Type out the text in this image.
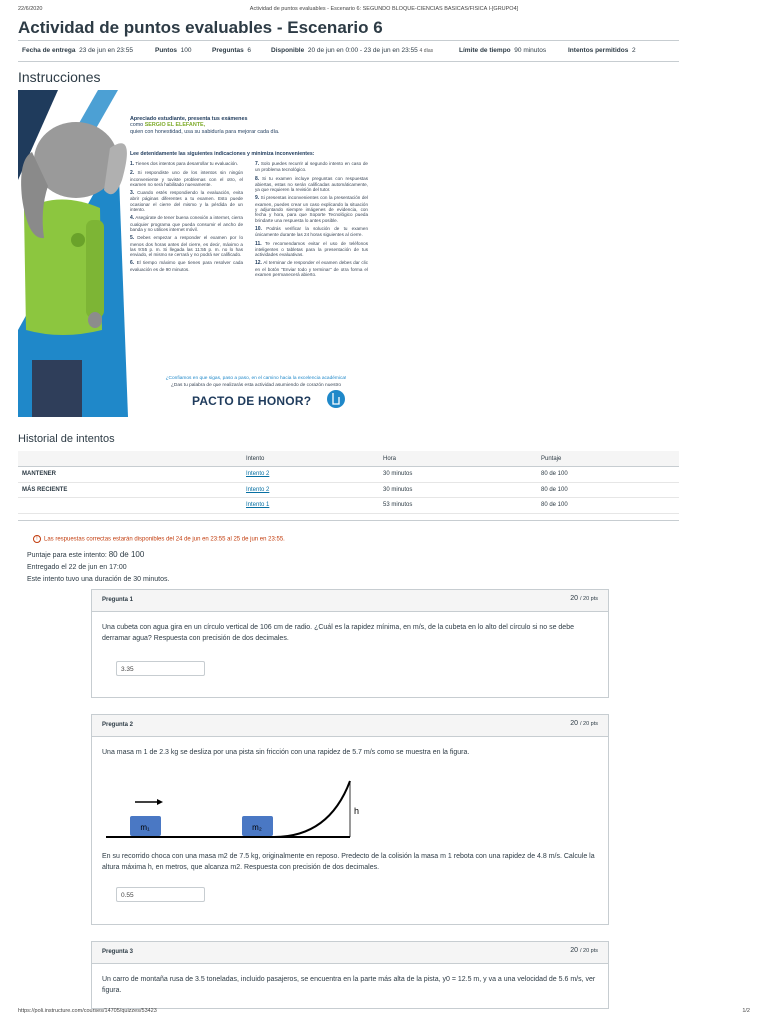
22/6/2020	Actividad de puntos evaluables - Escenario 6: SEGUNDO BLOQUE-CIENCIAS BASICAS/FISICA I-[GRUPO4]
Actividad de puntos evaluables - Escenario 6
Fecha de entrega 23 de jun en 23:55	Puntos 100	Preguntas 6	Disponible 20 de jun en 0:00 - 23 de jun en 23:55 4 días	Límite de tiempo 90 minutos	Intentos permitidos 2
Instrucciones
Apreciado estudiante, presenta tus exámenes
como SERGIO EL ELEFANTE,
quien con honestidad, usa su sabiduría para mejorar cada día.
Lee detenidamente las siguientes indicaciones y minimiza inconvenientes:

1. Tienes dos intentos para desarrollar tu evaluación.

2. Si respondiste uno de los intentos sin ningún inconveniente y tuviste problemas con el otro, el examen no será habilitado nuevamente.

3. Cuando estés respondiendo la evaluación, evita abrir páginas diferentes a tu examen. Esto puede ocasionar el cierre del mismo y la pérdida de un intento.

4. Asegúrate de tener buena conexión a internet, cierra cualquier programa que pueda consumir el ancho de banda y no utilices internet móvil.

5. Debes empezar a responder el examen por lo menos dos horas antes del cierre, es decir, máximo a las 9:55 p. m. Si llegada las 11:55 p. m. no lo has enviado, el mismo se cerrará y no podrá ser calificado.

6. El tiempo máximo que tienes para resolver cada evaluación es de 90 minutos.

7. Solo puedes recurrir al segundo intento en caso de un problema tecnológico.

8. Si tu examen incluye preguntas con respuestas abiertas, estas no serán calificadas automáticamente, ya que requieren la revisión del tutor.

9. Si presentas inconvenientes con la presentación del examen, puedes crear un caso explicando la situación y adjuntando siempre imágenes de evidencia, con fecha y hora, para que Soporte Tecnológico pueda brindarte una respuesta lo antes posible.

10. Podrás verificar la solución de tu examen únicamente durante las 24 horas siguientes al cierre.

11. Te recomendamos evitar el uso de teléfonos inteligentes o tabletas para la presentación de tus actividades evaluativas.

12. Al terminar de responder el examen debes dar clic en el botón "Enviar todo y terminar" de otra forma el examen permanecerá abierto.

¿Confiamos en que sigas, paso a paso, en el camino hacia la excelencia académica!
¿Das tu palabra de que realizarás esta actividad asumiendo de corazón nuestro
PACTO DE HONOR?
Historial de intentos
	Intento	Hora	Puntaje
MANTENER	Intento 2	30 minutos	80 de 100
MÁS RECIENTE	Intento 2	30 minutos	80 de 100
	Intento 1	53 minutos	80 de 100
! Las respuestas correctas estarán disponibles del 24 de jun en 23:55 al 25 de jun en 23:55.
Puntaje para este intento: 80 de 100
Entregado el 22 de jun en 17:00
Este intento tuvo una duración de 30 minutos.
Pregunta 1	20 / 20 pts
Una cubeta con agua gira en un círculo vertical de 106 cm de radio. ¿Cuál es la rapidez mínima, en m/s, de la cubeta en lo alto del círculo si no se debe derramar agua? Respuesta con precisión de dos decimales.
3.35
Pregunta 2	20 / 20 pts
Una masa m 1 de 2.3 kg se desliza por una pista sin fricción con una rapidez de 5.7 m/s como se muestra en la figura.
m₁	m₂
h
En su recorrido choca con una masa m2 de 7.5 kg, originalmente en reposo. Predecto de la colisión la masa m 1 rebota con una rapidez de 4.8 m/s. Calcule la altura máxima h, en metros, que alcanza m2. Respuesta con precisión de dos decimales.
0.55
Pregunta 3	20 / 20 pts
Un carro de montaña rusa de 3.5 toneladas, incluido pasajeros, se encuentra en la parte más alta de la pista, y0 = 12.5 m, y va a una velocidad de 5.6 m/s, ver figura.
https://poli.instructure.com/courses/14705/quizzes/53423	1/2
